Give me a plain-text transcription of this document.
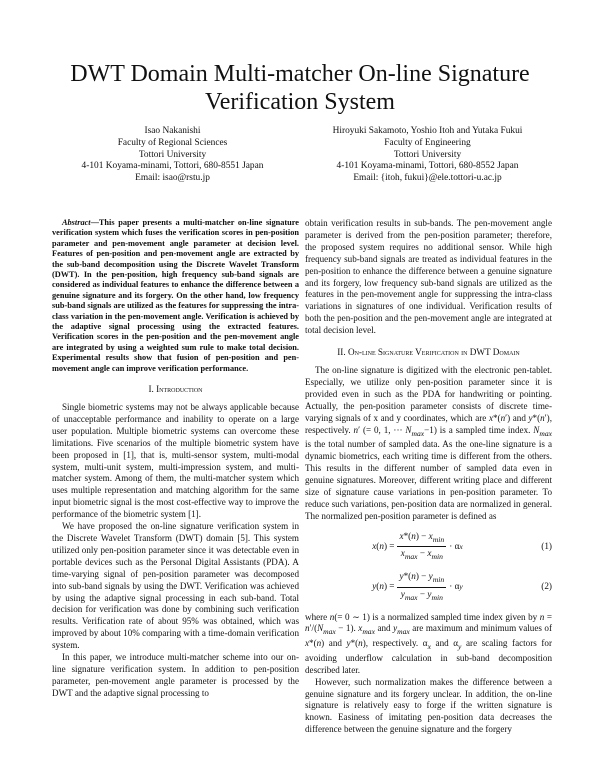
DWT Domain Multi-matcher On-line Signature Verification System
Isao Nakanishi
Faculty of Regional Sciences
Tottori University
4-101 Koyama-minami, Tottori, 680-8551 Japan
Email: isao@rstu.jp
Hiroyuki Sakamoto, Yoshio Itoh and Yutaka Fukui
Faculty of Engineering
Tottori University
4-101 Koyama-minami, Tottori, 680-8552 Japan
Email: {itoh, fukui}@ele.tottori-u.ac.jp

Abstract—This paper presents a multi-matcher on-line signature verification system which fuses the verification scores in pen-position parameter and pen-movement angle parameter at decision level. Features of pen-position and pen-movement angle are extracted by the sub-band decomposition using the Discrete Wavelet Transform (DWT). In the pen-position, high frequency sub-band signals are considered as individual features to enhance the difference between a genuine signature and its forgery. On the other hand, low frequency sub-band signals are utilized as the features for suppressing the intra-class variation in the pen-movement angle. Verification is achieved by the adaptive signal processing using the extracted features. Verification scores in the pen-position and the pen-movement angle are integrated by using a weighted sum rule to make total decision. Experimental results show that fusion of pen-position and pen-movement angle can improve verification performance.

I. Introduction

Single biometric systems may not be always applicable because of unacceptable performance and inability to operate on a large user population. Multiple biometric systems can overcome these limitations. Five scenarios of the multiple biometric system have been proposed in [1], that is, multi-sensor system, multi-modal system, multi-unit system, multi-impression system, and multi-matcher system. Among of them, the multi-matcher system which uses multiple representation and matching algorithm for the same input biometric signal is the most cost-effective way to improve the performance of the biometric system [1].

We have proposed the on-line signature verification system in the Discrete Wavelet Transform (DWT) domain [5]. This system utilized only pen-position parameter since it was detectable even in portable devices such as the Personal Digital Assistants (PDA). A time-varying signal of pen-position parameter was decomposed into sub-band signals by using the DWT. Verification was achieved by using the adaptive signal processing in each sub-band. Total decision for verification was done by combining such verification results. Verification rate of about 95% was obtained, which was improved by about 10% comparing with a time-domain verification system.

In this paper, we introduce multi-matcher scheme into our on-line signature verification system. In addition to pen-position parameter, pen-movement angle parameter is processed by the DWT and the adaptive signal processing to

obtain verification results in sub-bands. The pen-movement angle parameter is derived from the pen-position parameter; therefore, the proposed system requires no additional sensor. While high frequency sub-band signals are treated as individual features in the pen-position to enhance the difference between a genuine signature and its forgery, low frequency sub-band signals are utilized as the features in the pen-movement angle for suppressing the intra-class variations in signatures of one individual. Verification results of both the pen-position and the pen-movement angle are integrated at total decision level.

II. On-line Signature Verification in DWT Domain

The on-line signature is digitized with the electronic pen-tablet. Especially, we utilize only pen-position parameter since it is provided even in such as the PDA for handwriting or pointing. Actually, the pen-position parameter consists of discrete time-varying signals of x and y coordinates, which are x*(n′) and y*(n′), respectively. n′ (= 0, 1, ··· $N_{max}-1$) is a sampled time index. $N_{max}$ is the total number of sampled data. As the one-line signature is a dynamic biometrics, each writing time is different from the others. This results in the different number of sampled data even in genuine signatures. Moreover, different writing place and different size of signature cause variations in pen-position parameter. To reduce such variations, pen-position data are normalized in general. The normalized pen-position parameter is defined as

x ( n ) = $\frac{x*(n) - x_{min}}{x_{max} - x_{min}} \cdot \alpha$ x	(1)
y ( n ) = $\frac{y*(n) - y_{min}}{y_{max} - y_{min}} \cdot \alpha$ y	(2)

where n(= 0 ∼ 1) is a normalized sampled time index given by $n = n'/(N_{max} - 1)$. $x_{max}$ and $y_{max}$ are maximum and minimum values of x*(n) and y*(n), respectively. $\alpha_x$ and $\alpha_y$ are scaling factors for avoiding underflow calculation in sub-band decomposition described later.

However, such normalization makes the difference between a genuine signature and its forgery unclear. In addition, the on-line signature is relatively easy to forge if the written signature is known. Easiness of imitating pen-position data decreases the difference between the genuine signature and the forgery
